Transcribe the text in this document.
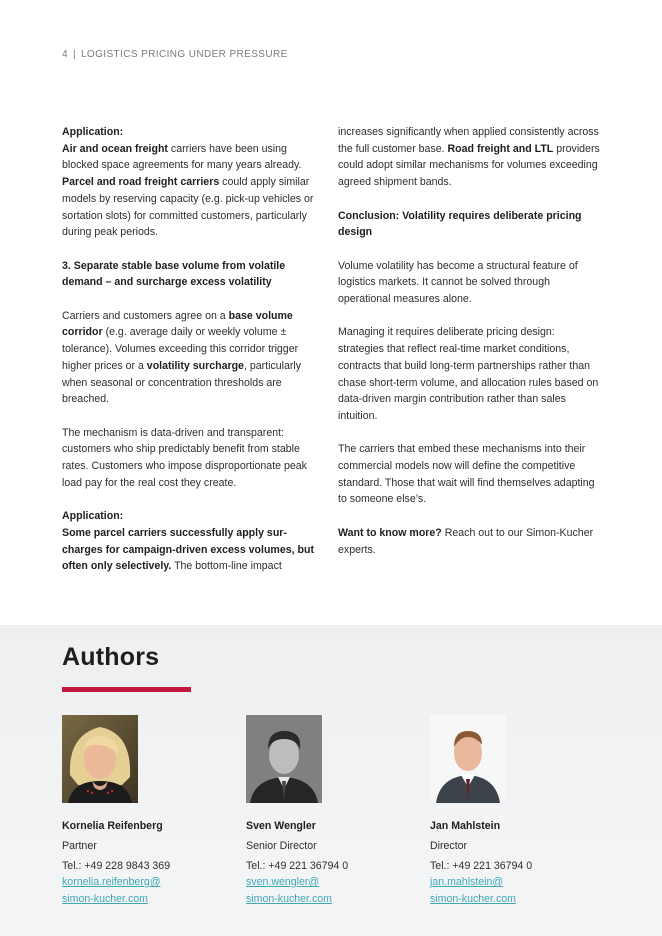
4 | LOGISTICS PRICING UNDER PRESSURE

Application:
Air and ocean freight carriers have been using blocked space agreements for many years already. Parcel and road freight carriers could apply similar models by reserving capacity (e.g. pick-up vehicles or sortation slots) for committed customers, particularly during peak periods.

3. Separate stable base volume from volatile demand – and surcharge excess volatility

Carriers and customers agree on a base volume corridor (e.g. average daily or weekly volume ± tolerance). Volumes exceeding this corridor trigger higher prices or a volatility surcharge, particularly when seasonal or concentration thresholds are breached.

The mechanism is data-driven and transparent: customers who ship predictably benefit from stable rates. Customers who impose disproportionate peak load pay for the real cost they create.

Application:
Some parcel carriers successfully apply sur-charges for campaign-driven excess volumes, but often only selectively. The bottom-line impact

increases significantly when applied consistently across the full customer base. Road freight and LTL providers could adopt similar mechanisms for volumes exceeding agreed shipment bands.

Conclusion: Volatility requires deliberate pricing design

Volume volatility has become a structural feature of logistics markets. It cannot be solved through operational measures alone.

Managing it requires deliberate pricing design: strategies that reflect real-time market conditions, contracts that build long-term partnerships rather than chase short-term volume, and allocation rules based on data-driven margin contribution rather than sales intuition.

The carriers that embed these mechanisms into their commercial models now will define the competitive standard. Those that wait will find themselves adapting to someone else’s.

Want to know more? Reach out to our Simon-Kucher experts.

Authors
Kornelia Reifenberg
Partner
Tel.: +49 228 9843 369
kornelia.reifenberg@
simon-kucher.com
Sven Wengler
Senior Director
Tel.: +49 221 36794 0
sven.wengler@
simon-kucher.com
Jan Mahlstein
Director
Tel.: +49 221 36794 0
jan.mahlstein@
simon-kucher.com
